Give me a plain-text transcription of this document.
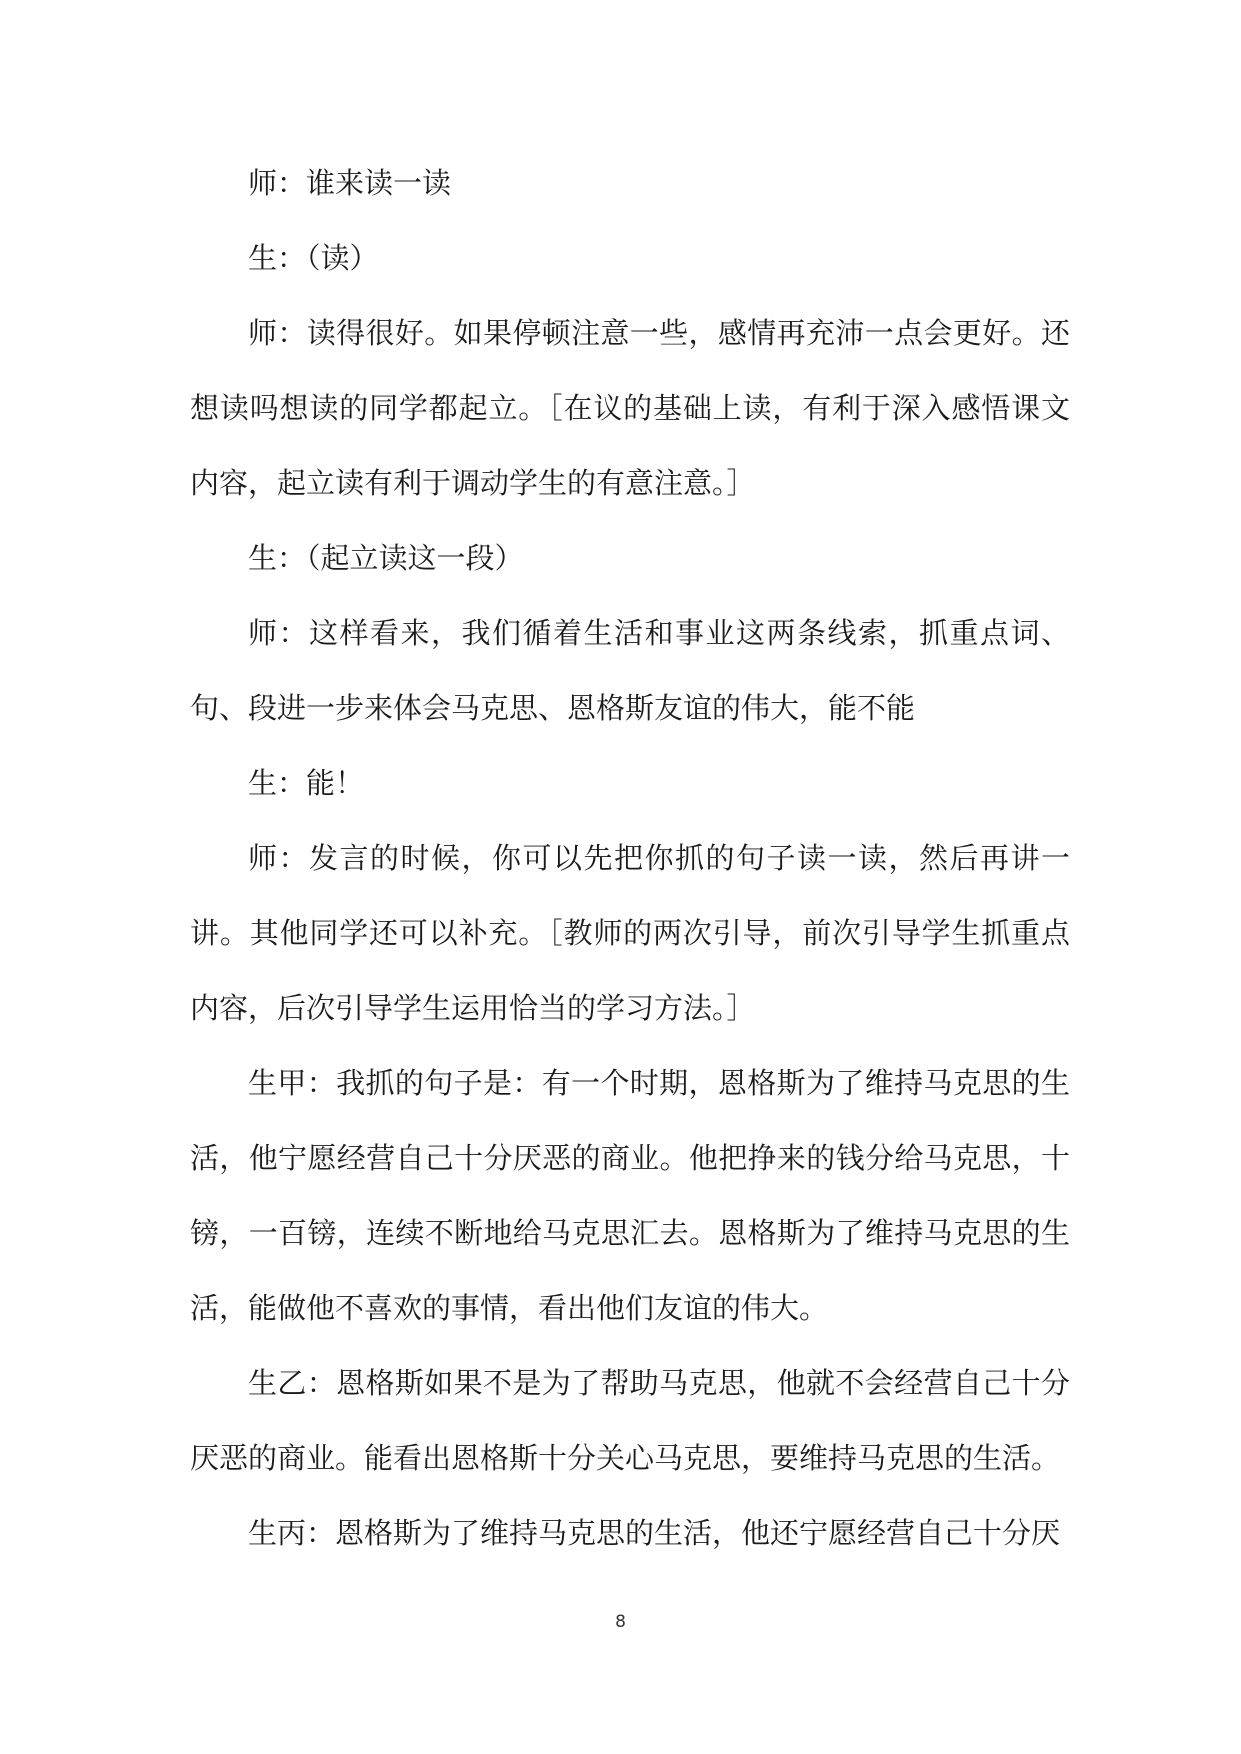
师：谁来读一读

生：（读）

师：读得很好。如果停顿注意一些，感情再充沛一点会更好。还想读吗想读的同学都起立。［在议的基础上读，有利于深入感悟课文内容，起立读有利于调动学生的有意注意。］

生：（起立读这一段）

师：这样看来，我们循着生活和事业这两条线索，抓重点词、句、段进一步来体会马克思、恩格斯友谊的伟大，能不能

生：能！

师：发言的时候，你可以先把你抓的句子读一读，然后再讲一讲。其他同学还可以补充。［教师的两次引导，前次引导学生抓重点内容，后次引导学生运用恰当的学习方法。］

生甲：我抓的句子是：有一个时期，恩格斯为了维持马克思的生活，他宁愿经营自己十分厌恶的商业。他把挣来的钱分给马克思，十镑，一百镑，连续不断地给马克思汇去。恩格斯为了维持马克思的生活，能做他不喜欢的事情，看出他们友谊的伟大。

生乙：恩格斯如果不是为了帮助马克思，他就不会经营自己十分厌恶的商业。能看出恩格斯十分关心马克思，要维持马克思的生活。

生丙：恩格斯为了维持马克思的生活，他还宁愿经营自己十分厌

8
